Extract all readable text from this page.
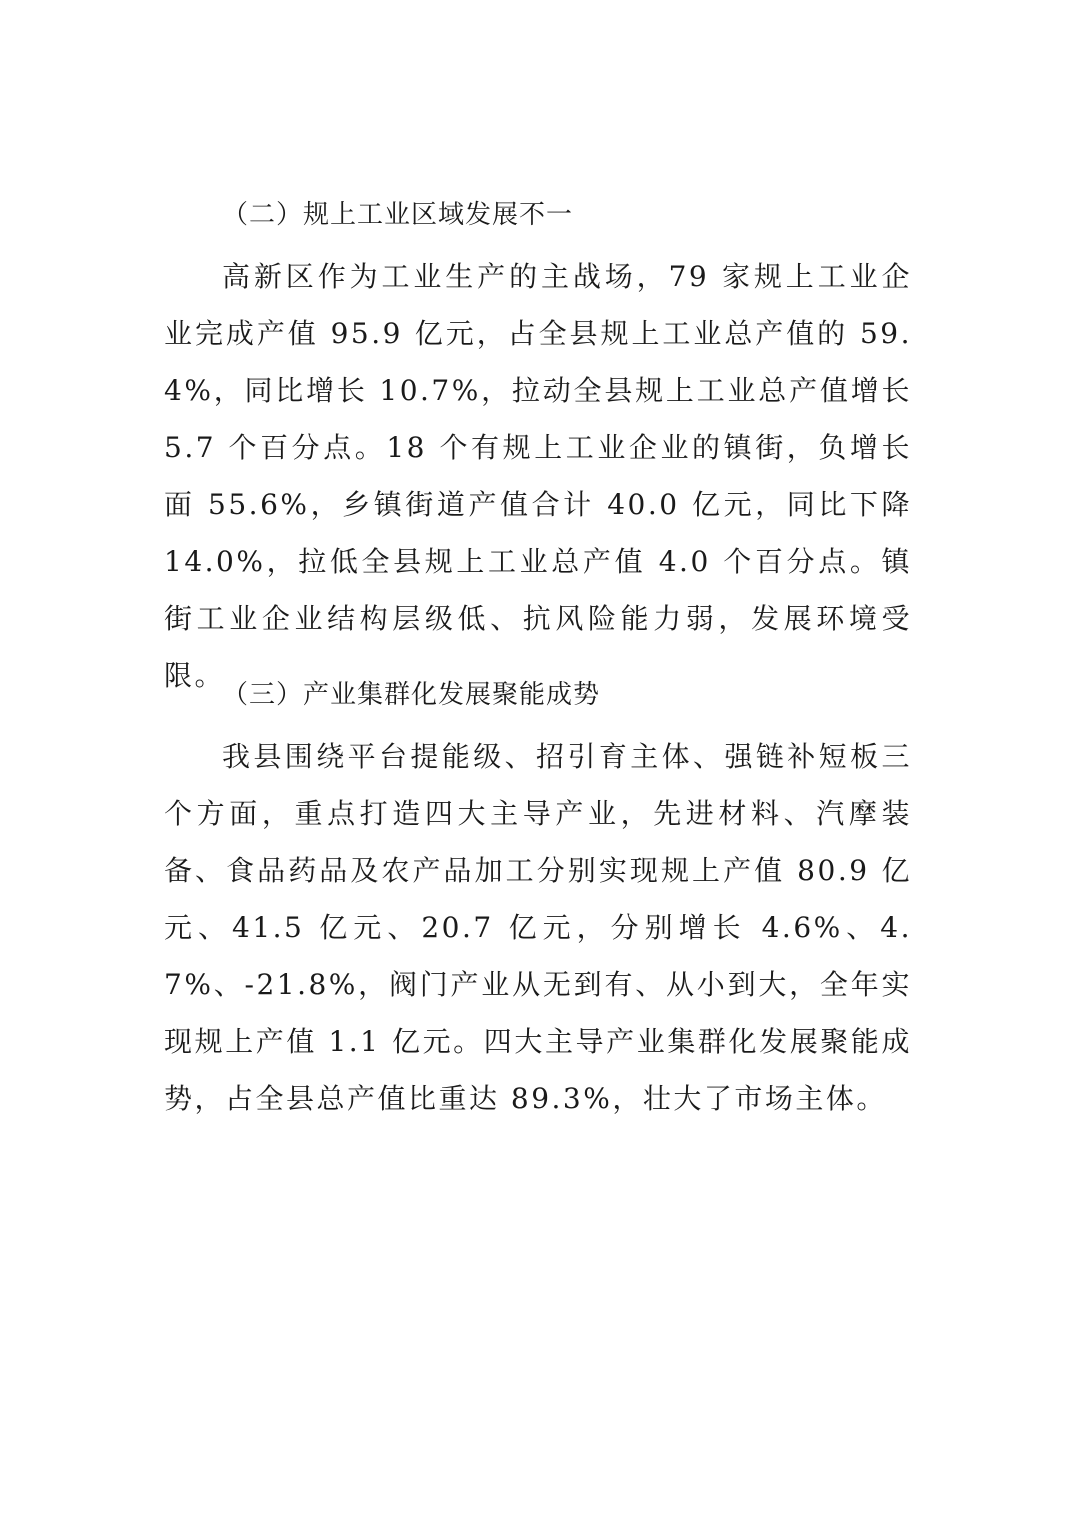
（二）规上工业区域发展不一

高新区作为工业生产的主战场，79 家规上工业企业完成产值 95.9 亿元，占全县规上工业总产值的 59.4%，同比增长 10.7%，拉动全县规上工业总产值增长 5.7 个百分点。18 个有规上工业企业的镇街，负增长面 55.6%，乡镇街道产值合计 40.0 亿元，同比下降 14.0%，拉低全县规上工业总产值 4.0 个百分点。镇街工业企业结构层级低、抗风险能力弱，发展环境受限。

（三）产业集群化发展聚能成势

我县围绕平台提能级、招引育主体、强链补短板三个方面，重点打造四大主导产业，先进材料、汽摩装备、食品药品及农产品加工分别实现规上产值 80.9 亿元、41.5 亿元、20.7 亿元，分别增长 4.6%、4.7%、-21.8%，阀门产业从无到有、从小到大，全年实现规上产值 1.1 亿元。四大主导产业集群化发展聚能成势，占全县总产值比重达 89.3%，壮大了市场主体。
